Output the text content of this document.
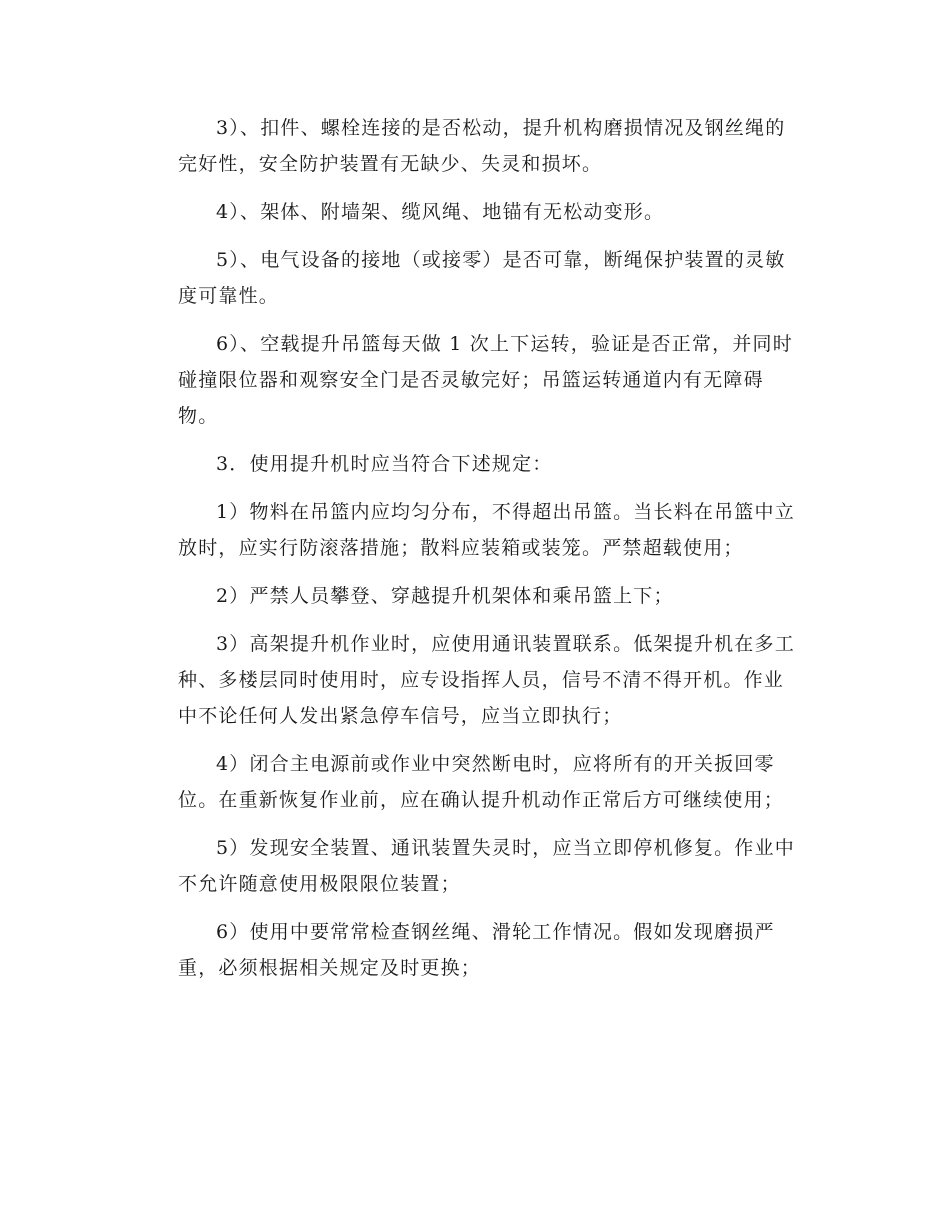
3）、扣件、螺栓连接的是否松动，提升机构磨损情况及钢丝绳的
完好性，安全防护装置有无缺少、失灵和损坏。
4）、架体、附墙架、缆风绳、地锚有无松动变形。
5）、电气设备的接地（或接零）是否可靠，断绳保护装置的灵敏
度可靠性。
6）、空载提升吊篮每天做 1 次上下运转，验证是否正常，并同时
碰撞限位器和观察安全门是否灵敏完好；吊篮运转通道内有无障碍
物。
3．使用提升机时应当符合下述规定：
1）物料在吊篮内应均匀分布，不得超出吊篮。当长料在吊篮中立
放时，应实行防滚落措施；散料应装箱或装笼。严禁超载使用；
2）严禁人员攀登、穿越提升机架体和乘吊篮上下；
3）高架提升机作业时，应使用通讯装置联系。低架提升机在多工
种、多楼层同时使用时，应专设指挥人员，信号不清不得开机。作业
中不论任何人发出紧急停车信号，应当立即执行；
4）闭合主电源前或作业中突然断电时，应将所有的开关扳回零
位。在重新恢复作业前，应在确认提升机动作正常后方可继续使用；
5）发现安全装置、通讯装置失灵时，应当立即停机修复。作业中
不允许随意使用极限限位装置；
6）使用中要常常检查钢丝绳、滑轮工作情况。假如发现磨损严
重，必须根据相关规定及时更换；
